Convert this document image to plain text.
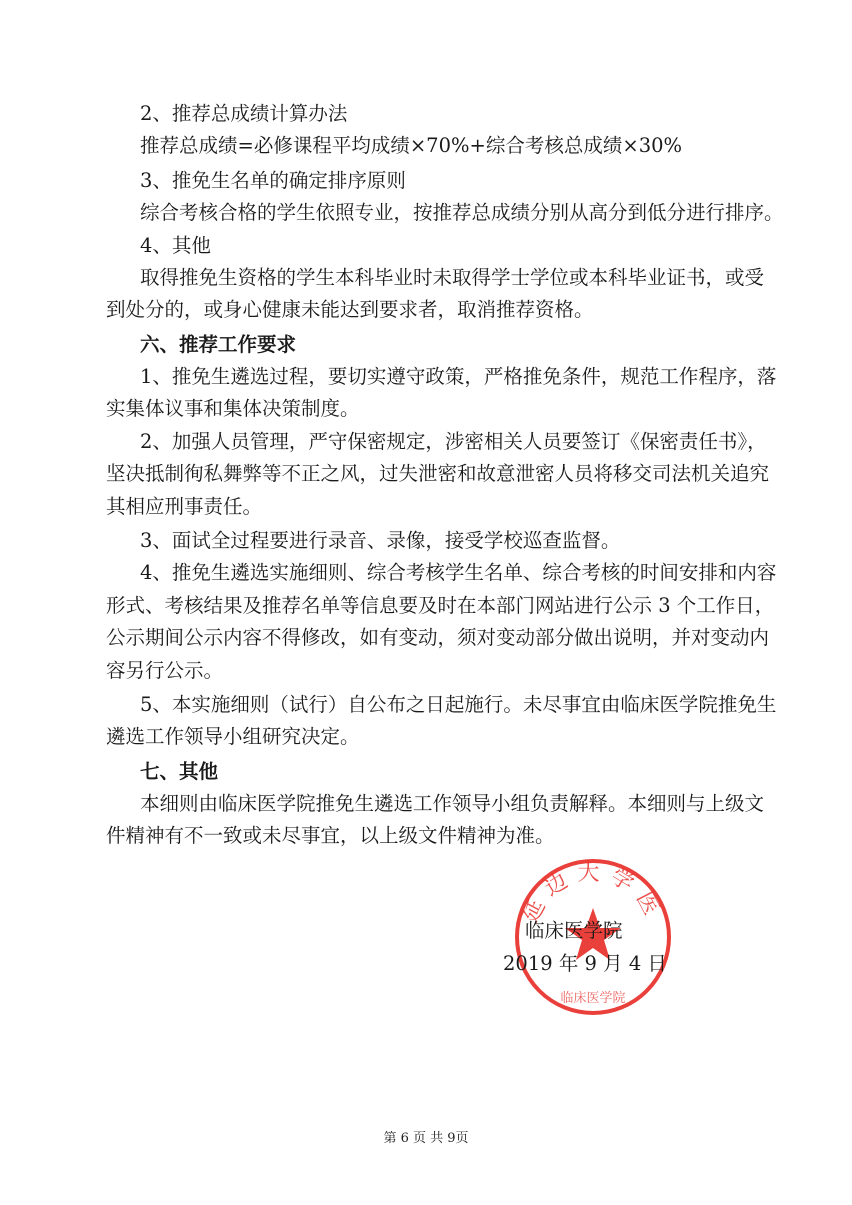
2、推荐总成绩计算办法
推荐总成绩=必修课程平均成绩×70%+综合考核总成绩×30%
3、推免生名单的确定排序原则
综合考核合格的学生依照专业，按推荐总成绩分别从高分到低分进行排序。
4、其他
取得推免生资格的学生本科毕业时未取得学士学位或本科毕业证书，或受
到处分的，或身心健康未能达到要求者，取消推荐资格。
六、推荐工作要求
1、推免生遴选过程，要切实遵守政策，严格推免条件，规范工作程序，落
实集体议事和集体决策制度。
2、加强人员管理，严守保密规定，涉密相关人员要签订《保密责任书》，
坚决抵制徇私舞弊等不正之风，过失泄密和故意泄密人员将移交司法机关追究
其相应刑事责任。
3、面试全过程要进行录音、录像，接受学校巡查监督。
4、推免生遴选实施细则、综合考核学生名单、综合考核的时间安排和内容
形式、考核结果及推荐名单等信息要及时在本部门网站进行公示 3 个工作日，
公示期间公示内容不得修改，如有变动，须对变动部分做出说明，并对变动内
容另行公示。
5、本实施细则（试行）自公布之日起施行。未尽事宜由临床医学院推免生
遴选工作领导小组研究决定。
七、其他
本细则由临床医学院推免生遴选工作领导小组负责解释。本细则与上级文
件精神有不一致或未尽事宜，以上级文件精神为准。
延边大学医
临床医学院
临床医学院
2019 年 9 月 4 日
第 6 页 共 9页
